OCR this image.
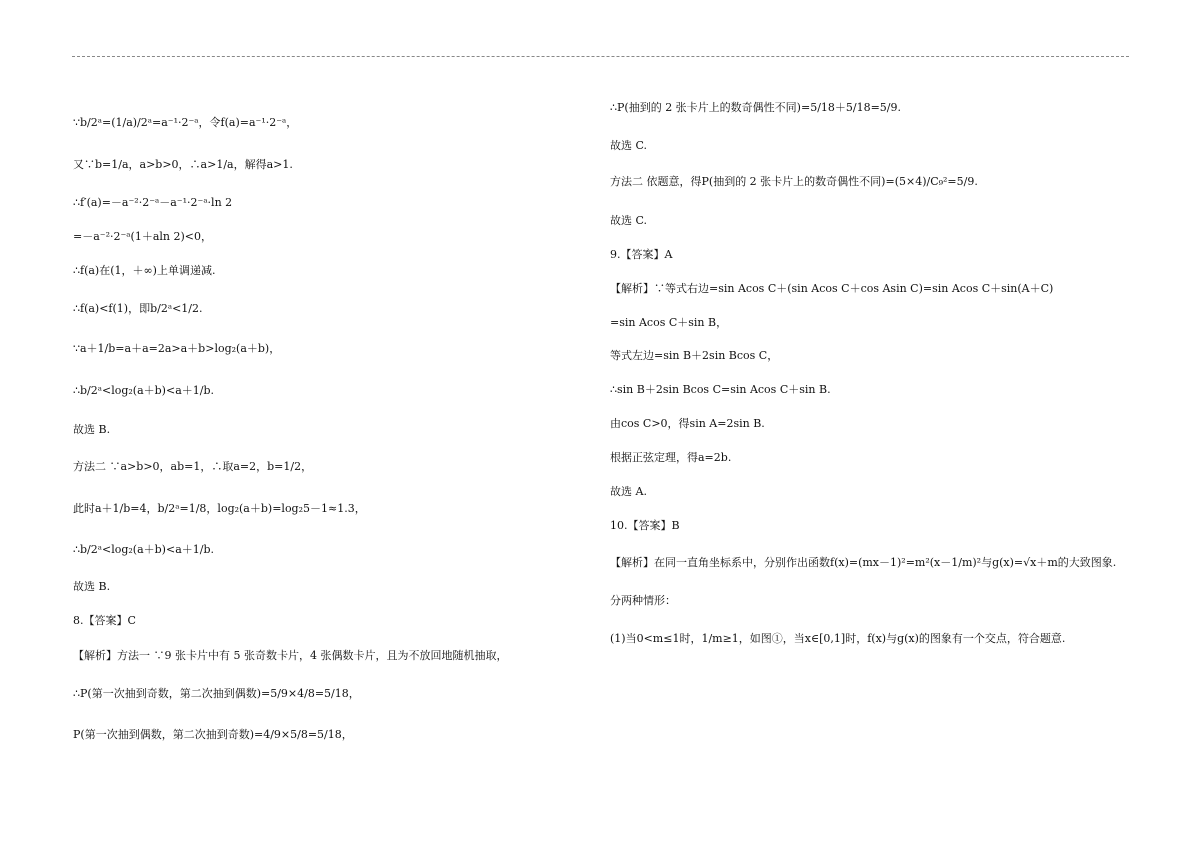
∵b/2ᵃ=(1/a)/2ᵃ=a⁻¹·2⁻ᵃ，令f(a)=a⁻¹·2⁻ᵃ，
又∵b=1/a，a>b>0，∴a>1/a，解得a>1.
∴f′(a)=－a⁻²·2⁻ᵃ－a⁻¹·2⁻ᵃ·ln 2
=－a⁻²·2⁻ᵃ(1＋aln 2)<0，
∴f(a)在(1，＋∞)上单调递减.
∴f(a)<f(1)，即b/2ᵃ<1/2.
∵a＋1/b=a＋a=2a>a＋b>log₂(a＋b)，
∴b/2ᵃ<log₂(a＋b)<a＋1/b.
故选 B.
方法二 ∵a>b>0，ab=1，∴取a=2，b=1/2，
此时a＋1/b=4，b/2ᵃ=1/8，log₂(a＋b)=log₂5－1≈1.3，
∴b/2ᵃ<log₂(a＋b)<a＋1/b.
故选 B.
8.【答案】C
【解析】方法一 ∵9 张卡片中有 5 张奇数卡片，4 张偶数卡片，且为不放回地随机抽取，
∴P(第一次抽到奇数，第二次抽到偶数)=5/9×4/8=5/18，
P(第一次抽到偶数，第二次抽到奇数)=4/9×5/8=5/18，
∴P(抽到的 2 张卡片上的数奇偶性不同)=5/18＋5/18=5/9.
故选 C.
方法二 依题意，得P(抽到的 2 张卡片上的数奇偶性不同)=(5×4)/C₉²=5/9.
故选 C.
9.【答案】A
【解析】∵等式右边=sin Acos C＋(sin Acos C＋cos Asin C)=sin Acos C＋sin(A＋C)
=sin Acos C＋sin B，
等式左边=sin B＋2sin Bcos C，
∴sin B＋2sin Bcos C=sin Acos C＋sin B.
由cos C>0，得sin A=2sin B.
根据正弦定理，得a=2b.
故选 A.
10.【答案】B
【解析】在同一直角坐标系中，分别作出函数f(x)=(mx－1)²=m²(x－1/m)²与g(x)=√x＋m的大致图象.
分两种情形：
(1)当0<m≤1时，1/m≥1，如图①，当x∈[0,1]时，f(x)与g(x)的图象有一个交点，符合题意.
